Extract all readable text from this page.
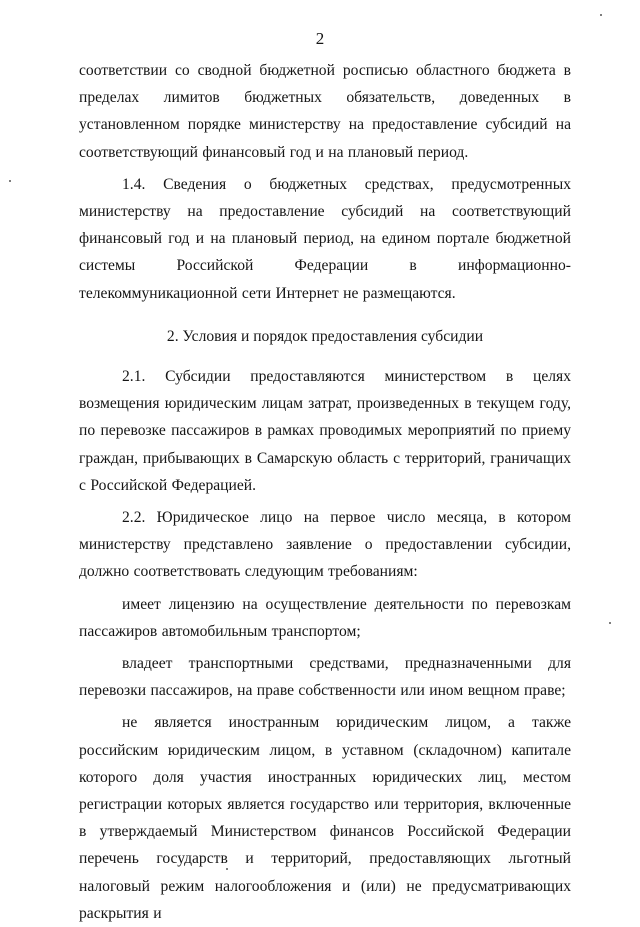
2

соответствии со сводной бюджетной росписью областного бюджета в пределах лимитов бюджетных обязательств, доведенных в установленном порядке министерству на предоставление субсидий на соответствующий финансовый год и на плановый период.

1.4. Сведения о бюджетных средствах, предусмотренных

министерству на предоставление субсидий на соответствующий финансовый год и на плановый период, на едином портале бюджетной системы Российской Федерации в информационно-телекоммуникационной сети Интернет не размещаются.

2. Условия и порядок предоставления субсидии

2.1. Субсидии предоставляются министерством в целях возмещения юридическим лицам затрат, произведенных в текущем году, по перевозке пассажиров в рамках проводимых мероприятий по приему граждан, прибывающих в Самарскую область с территорий, граничащих с Российской Федерацией.

2.2. Юридическое лицо на первое число месяца, в котором министерству представлено заявление о предоставлении субсидии, должно соответствовать следующим требованиям:

имеет лицензию на осуществление деятельности по перевозкам пассажиров автомобильным транспортом;

владеет транспортными средствами, предназначенными для перевозки пассажиров, на праве собственности или ином вещном праве;

не является иностранным юридическим лицом, а также российским юридическим лицом, в уставном (складочном) капитале которого доля участия иностранных юридических лиц, местом регистрации которых является государство или территория, включенные в утверждаемый Министерством финансов Российской Федерации перечень государств и территорий, предоставляющих льготный налоговый режим налогообложения и (или) не предусматривающих раскрытия и
